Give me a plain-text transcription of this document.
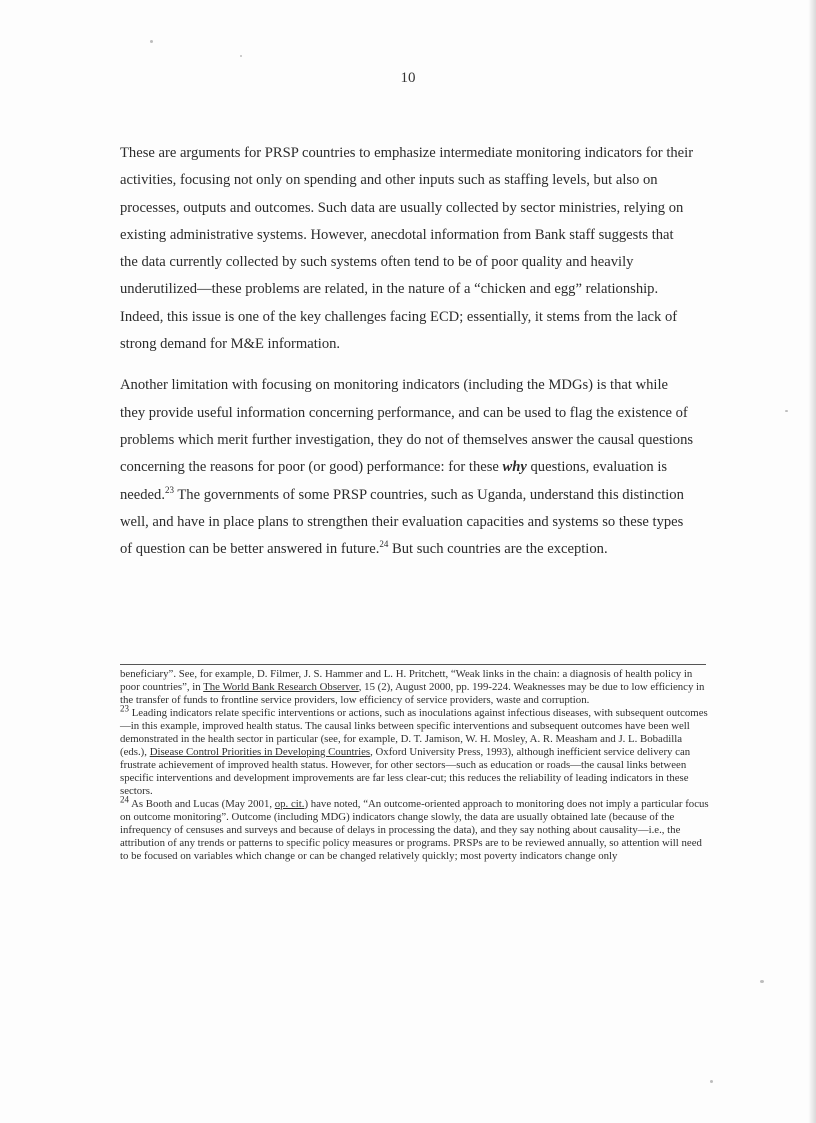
10

These are arguments for PRSP countries to emphasize intermediate monitoring indicators for their activities, focusing not only on spending and other inputs such as staffing levels, but also on processes, outputs and outcomes. Such data are usually collected by sector ministries, relying on existing administrative systems. However, anecdotal information from Bank staff suggests that the data currently collected by such systems often tend to be of poor quality and heavily underutilized—these problems are related, in the nature of a “chicken and egg” relationship. Indeed, this issue is one of the key challenges facing ECD; essentially, it stems from the lack of strong demand for M&E information.

Another limitation with focusing on monitoring indicators (including the MDGs) is that while they provide useful information concerning performance, and can be used to flag the existence of problems which merit further investigation, they do not of themselves answer the causal questions concerning the reasons for poor (or good) performance: for these why questions, evaluation is needed.$^{23}$ The governments of some PRSP countries, such as Uganda, understand this distinction well, and have in place plans to strengthen their evaluation capacities and systems so these types of question can be better answered in future.$^{24}$ But such countries are the exception.

beneficiary”. See, for example, D. Filmer, J. S. Hammer and L. H. Pritchett, “Weak links in the chain: a diagnosis of health policy in poor countries”, in The World Bank Research Observer, 15 (2), August 2000, pp. 199-224. Weaknesses may be due to low efficiency in the transfer of funds to frontline service providers, low efficiency of service providers, waste and corruption.

$^{23}$ Leading indicators relate specific interventions or actions, such as inoculations against infectious diseases, with subsequent outcomes—in this example, improved health status. The causal links between specific interventions and subsequent outcomes have been well demonstrated in the health sector in particular (see, for example, D. T. Jamison, W. H. Mosley, A. R. Measham and J. L. Bobadilla (eds.), Disease Control Priorities in Developing Countries, Oxford University Press, 1993), although inefficient service delivery can frustrate achievement of improved health status. However, for other sectors—such as education or roads—the causal links between specific interventions and development improvements are far less clear-cut; this reduces the reliability of leading indicators in these sectors.

$^{24}$ As Booth and Lucas (May 2001, op. cit.) have noted, “An outcome-oriented approach to monitoring does not imply a particular focus on outcome monitoring”. Outcome (including MDG) indicators change slowly, the data are usually obtained late (because of the infrequency of censuses and surveys and because of delays in processing the data), and they say nothing about causality—i.e., the attribution of any trends or patterns to specific policy measures or programs. PRSPs are to be reviewed annually, so attention will need to be focused on variables which change or can be changed relatively quickly; most poverty indicators change only
